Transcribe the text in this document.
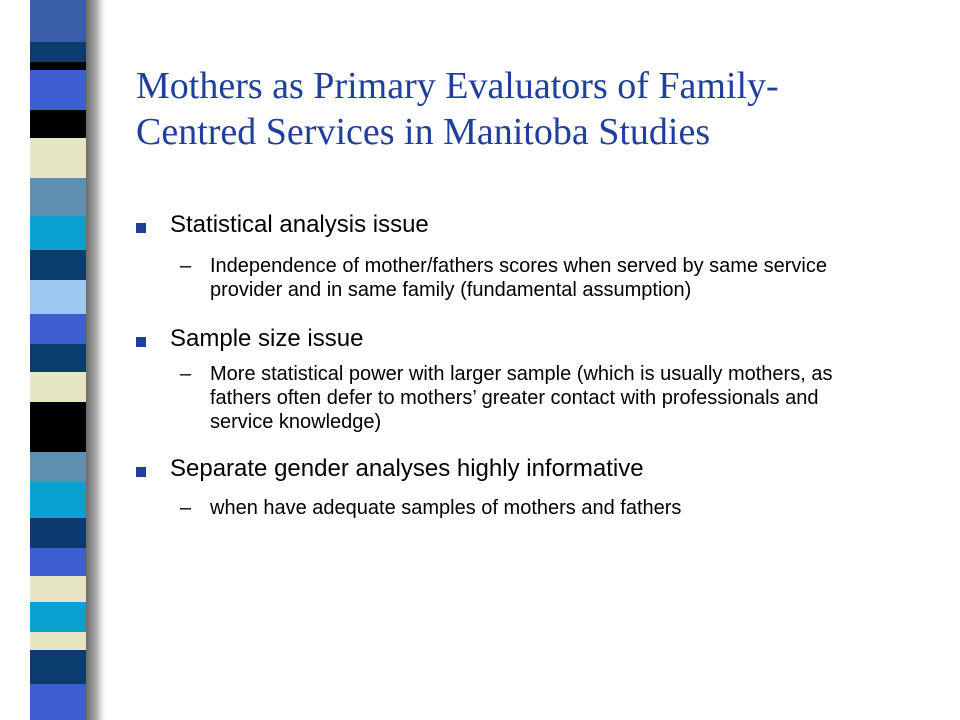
Mothers as Primary Evaluators of Family-
Centred Services in Manitoba Studies
Statistical analysis issue
– Independence of mother/fathers scores when served by same service provider and in same family (fundamental assumption)
Sample size issue
– More statistical power with larger sample (which is usually mothers, as fathers often defer to mothers’ greater contact with professionals and service knowledge)
Separate gender analyses highly informative
– when have adequate samples of mothers and fathers
